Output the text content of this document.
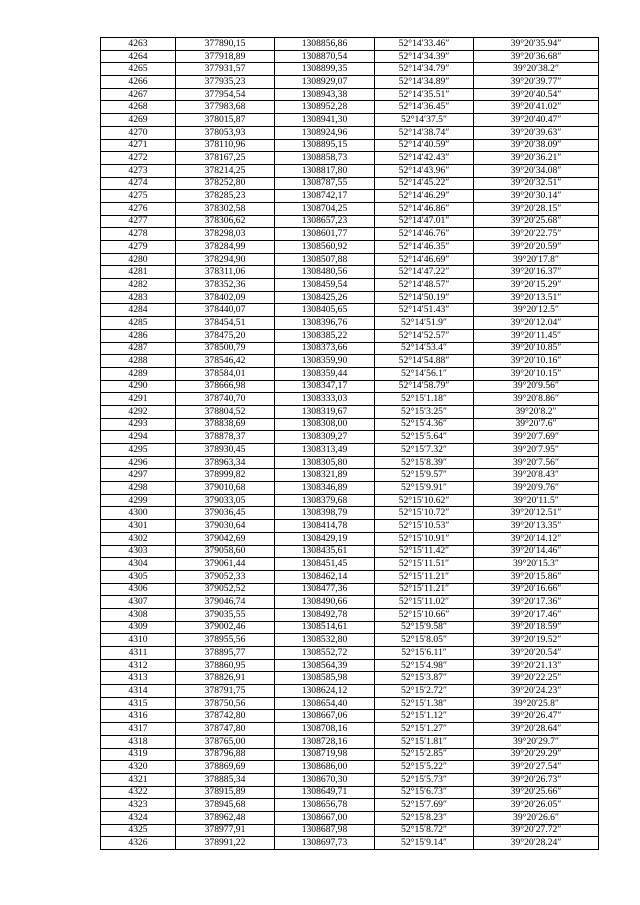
4263	377890,15	1308856,86	52°14′33.46″	39°20′35.94″
4264	377918,89	1308870,54	52°14′34.39″	39°20′36.68″
4265	377931,57	1308899,35	52°14′34.79″	39°20′38.2″
4266	377935,23	1308929,07	52°14′34.89″	39°20′39.77″
4267	377954,54	1308943,38	52°14′35.51″	39°20′40.54″
4268	377983,68	1308952,28	52°14′36.45″	39°20′41.02″
4269	378015,87	1308941,30	52°14′37.5″	39°20′40.47″
4270	378053,93	1308924,96	52°14′38.74″	39°20′39.63″
4271	378110,96	1308895,15	52°14′40.59″	39°20′38.09″
4272	378167,25	1308858,73	52°14′42.43″	39°20′36.21″
4273	378214,25	1308817,80	52°14′43.96″	39°20′34.08″
4274	378252,80	1308787,55	52°14′45.22″	39°20′32.51″
4275	378285,23	1308742,17	52°14′46.29″	39°20′30.14″
4276	378302,58	1308704,25	52°14′46.86″	39°20′28.15″
4277	378306,62	1308657,23	52°14′47.01″	39°20′25.68″
4278	378298,03	1308601,77	52°14′46.76″	39°20′22.75″
4279	378284,99	1308560,92	52°14′46.35″	39°20′20.59″
4280	378294,90	1308507,88	52°14′46.69″	39°20′17.8″
4281	378311,06	1308480,56	52°14′47.22″	39°20′16.37″
4282	378352,36	1308459,54	52°14′48.57″	39°20′15.29″
4283	378402,09	1308425,26	52°14′50.19″	39°20′13.51″
4284	378440,07	1308405,65	52°14′51.43″	39°20′12.5″
4285	378454,51	1308396,76	52°14′51.9″	39°20′12.04″
4286	378475,20	1308385,22	52°14′52.57″	39°20′11.45″
4287	378500,79	1308373,66	52°14′53.4″	39°20′10.85″
4288	378546,42	1308359,90	52°14′54.88″	39°20′10.16″
4289	378584,01	1308359,44	52°14′56.1″	39°20′10.15″
4290	378666,98	1308347,17	52°14′58.79″	39°20′9.56″
4291	378740,70	1308333,03	52°15′1.18″	39°20′8.86″
4292	378804,52	1308319,67	52°15′3.25″	39°20′8.2″
4293	378838,69	1308308,00	52°15′4.36″	39°20′7.6″
4294	378878,37	1308309,27	52°15′5.64″	39°20′7.69″
4295	378930,45	1308313,49	52°15′7.32″	39°20′7.95″
4296	378963,34	1308305,80	52°15′8.39″	39°20′7.56″
4297	378999,82	1308321,89	52°15′9.57″	39°20′8.43″
4298	379010,68	1308346,89	52°15′9.91″	39°20′9.76″
4299	379033,05	1308379,68	52°15′10.62″	39°20′11.5″
4300	379036,45	1308398,79	52°15′10.72″	39°20′12.51″
4301	379030,64	1308414,78	52°15′10.53″	39°20′13.35″
4302	379042,69	1308429,19	52°15′10.91″	39°20′14.12″
4303	379058,60	1308435,61	52°15′11.42″	39°20′14.46″
4304	379061,44	1308451,45	52°15′11.51″	39°20′15.3″
4305	379052,33	1308462,14	52°15′11.21″	39°20′15.86″
4306	379052,52	1308477,36	52°15′11.21″	39°20′16.66″
4307	379046,74	1308490,66	52°15′11.02″	39°20′17.36″
4308	379035,55	1308492,78	52°15′10.66″	39°20′17.46″
4309	379002,46	1308514,61	52°15′9.58″	39°20′18.59″
4310	378955,56	1308532,80	52°15′8.05″	39°20′19.52″
4311	378895,77	1308552,72	52°15′6.11″	39°20′20.54″
4312	378860,95	1308564,39	52°15′4.98″	39°20′21.13″
4313	378826,91	1308585,98	52°15′3.87″	39°20′22.25″
4314	378791,75	1308624,12	52°15′2.72″	39°20′24.23″
4315	378750,56	1308654,40	52°15′1.38″	39°20′25.8″
4316	378742,80	1308667,06	52°15′1.12″	39°20′26.47″
4317	378747,80	1308708,16	52°15′1.27″	39°20′28.64″
4318	378765,00	1308728,16	52°15′1.81″	39°20′29.7″
4319	378796,88	1308719,98	52°15′2.85″	39°20′29.29″
4320	378869,69	1308686,00	52°15′5.22″	39°20′27.54″
4321	378885,34	1308670,30	52°15′5.73″	39°20′26.73″
4322	378915,89	1308649,71	52°15′6.73″	39°20′25.66″
4323	378945,68	1308656,78	52°15′7.69″	39°20′26.05″
4324	378962,48	1308667,00	52°15′8.23″	39°20′26.6″
4325	378977,91	1308687,98	52°15′8.72″	39°20′27.72″
4326	378991,22	1308697,73	52°15′9.14″	39°20′28.24″
